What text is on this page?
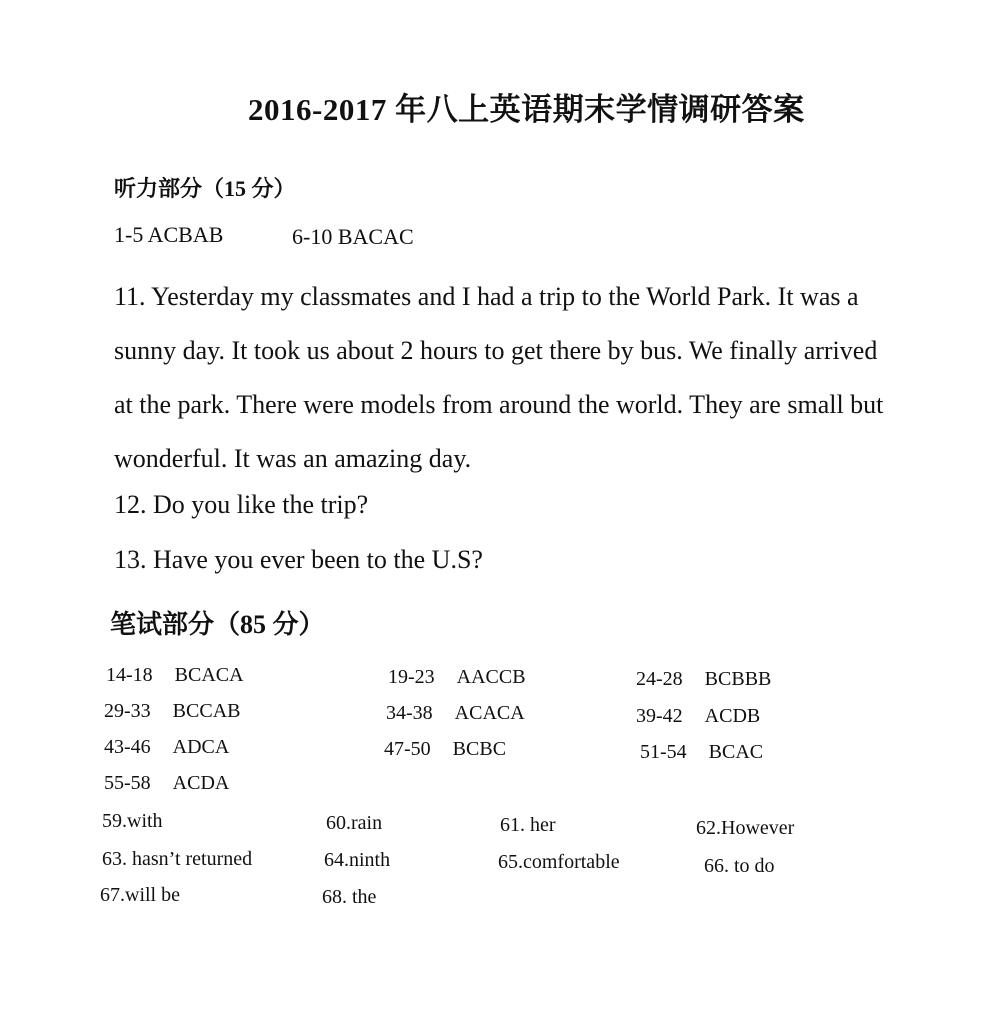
2016-2017 年八上英语期末学情调研答案
听力部分（15 分）
1-5 ACBAB	6-10 BACAC
11. Yesterday my classmates and I had a trip to the World Park. It was a
sunny day. It took us about 2 hours to get there by bus. We finally arrived
at the park. There were models from around the world. They are small but
wonderful. It was an amazing day.
12. Do you like the trip?
13. Have you ever been to the U.S?
笔试部分（85 分）
14-18 BCACA	19-23 AACCB	24-28 BCBBB
29-33 BCCAB	34-38 ACACA	39-42 ACDB
43-46 ADCA	47-50 BCBC	51-54 BCAC
55-58 ACDA
59.with	60.rain	61. her	62.However
63. hasn’t returned	64.ninth	65.comfortable	66. to do
67.will be	68. the
